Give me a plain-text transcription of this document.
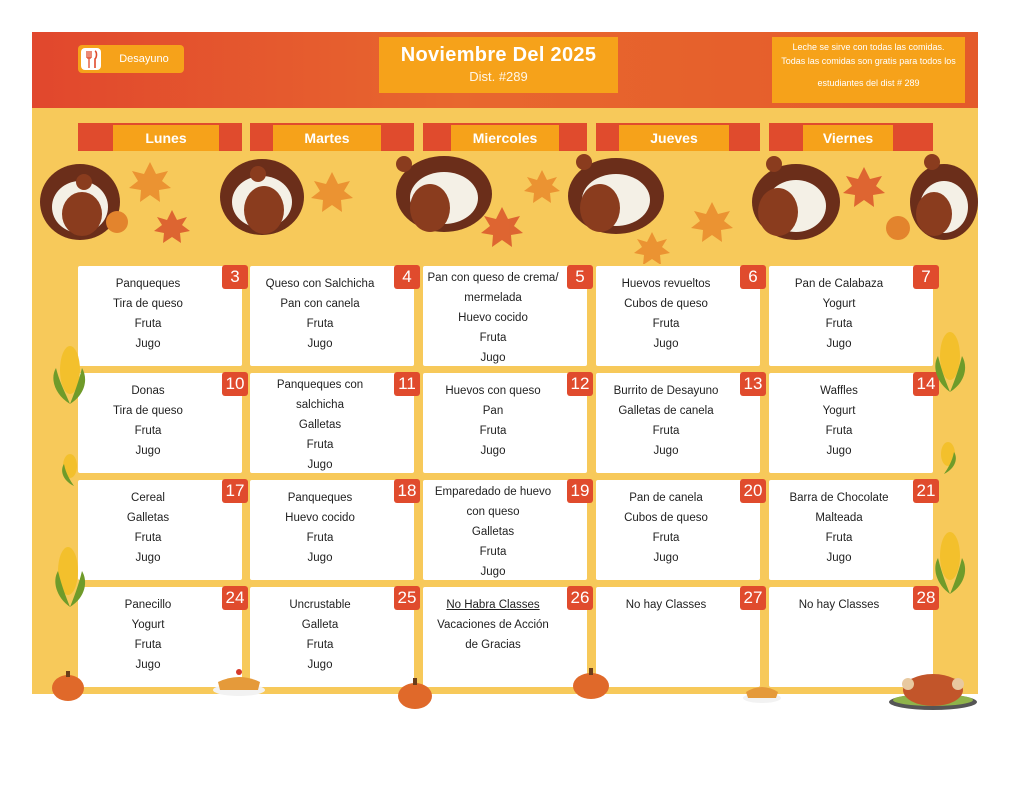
Desayuno	Noviembre Del 2025
Dist. #289
Leche se sirve con todas las comidas.
Todas las comidas son gratis para todos los
estudiantes del dist # 289
Lunes	Martes	Miercoles	Jueves	Viernes
3
Panqueques
Tira de queso
Fruta
Jugo
4
Queso con Salchicha
Pan con canela
Fruta
Jugo
5
Pan con queso de crema/
mermelada
Huevo cocido
Fruta
Jugo
6
Huevos revueltos
Cubos de queso
Fruta
Jugo
7
Pan de Calabaza
Yogurt
Fruta
Jugo
10
Donas
Tira de queso
Fruta
Jugo
11
Panqueques con
salchicha
Galletas
Fruta
Jugo
12
Huevos con queso
Pan
Fruta
Jugo
13
Burrito de Desayuno
Galletas de canela
Fruta
Jugo
14
Waffles
Yogurt
Fruta
Jugo
17
Cereal
Galletas
Fruta
Jugo
18
Panqueques
Huevo cocido
Fruta
Jugo
19
Emparedado de huevo
con queso
Galletas
Fruta
Jugo
20
Pan de canela
Cubos de queso
Fruta
Jugo
21
Barra de Chocolate
Malteada
Fruta
Jugo
24
Panecillo
Yogurt
Fruta
Jugo
25
Uncrustable
Galleta
Fruta
Jugo
26
No Habra Classes
Vacaciones de Acción
de Gracias
27
No hay Classes	28
No hay Classes
